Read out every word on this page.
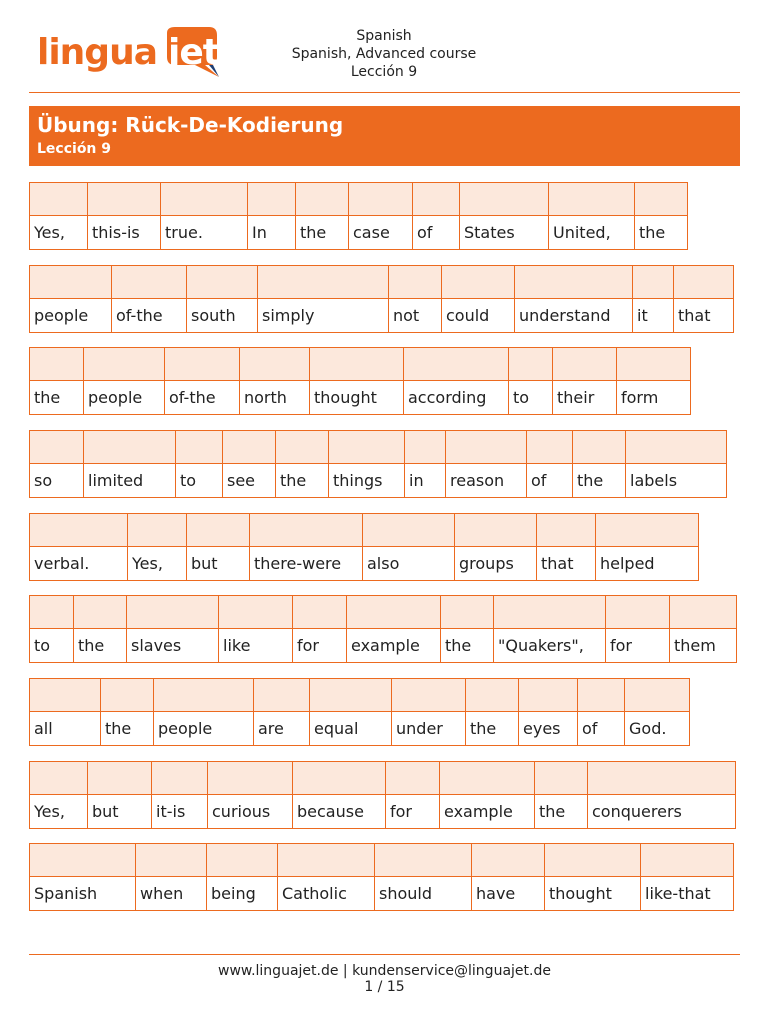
lingua jet	Spanish
Spanish, Advanced course
Lección 9
Übung: Rück-De-Kodierung
Lección 9
Yes,	this-is	true.	In	the	case	of	States	United,	the
people	of-the	south	simply	not	could	understand	it	that
the	people	of-the	north	thought	according	to	their	form
so	limited	to	see	the	things	in	reason	of	the	labels
verbal.	Yes,	but	there-were	also	groups	that	helped
to	the	slaves	like	for	example	the	"Quakers",	for	them
all	the	people	are	equal	under	the	eyes	of	God.
Yes,	but	it-is	curious	because	for	example	the	conquerers
Spanish	when	being	Catholic	should	have	thought	like-that
www.linguajet.de | kundenservice@linguajet.de
1 / 15
